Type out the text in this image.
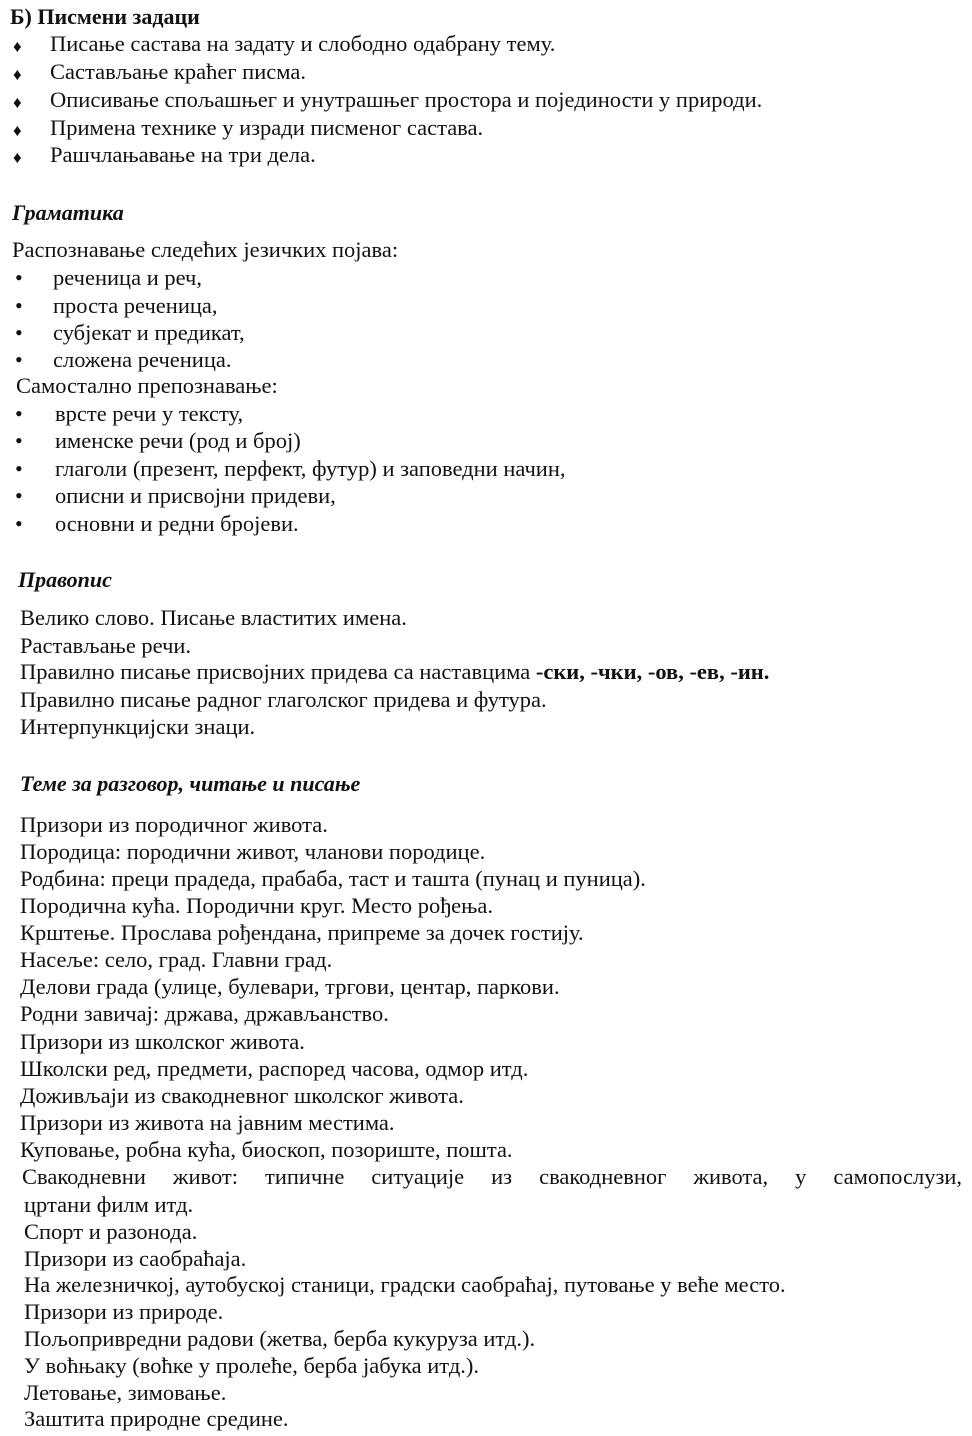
Б) Писмени задаци
♦ Писање састава на задату и слободно одабрану тему.
♦ Састављање краћег писма.
♦ Описивање спољашњег и унутрашњег простора и појединости у природи.
♦ Примена технике у изради писменог састава.
♦ Рашчлањавање на три дела.
Граматика
Распознавање следећих језичких појава:
• реченица и реч,
• проста реченица,
• субјекат и предикат,
• сложена реченица.
Самостално препознавање:
• врсте речи у тексту,
• именске речи (род и број)
• глаголи (презент, перфект, футур) и заповедни начин,
• описни и присвојни придеви,
• основни и редни бројеви.
Правопис
Велико слово. Писање властитих имена.
Растављање речи.
Правилно писање присвојних придева са наставцима -ски, -чки, -ов, -ев, -ин.
Правилно писање радног глаголског придева и футура.
Интерпункцијски знаци.
Теме за разговор, читање и писање
Призори из породичног живота.
Породица: породични живот, чланови породице.
Родбина: преци прадеда, прабаба, таст и ташта (пунац и пуница).
Породична кућа. Породични круг. Место рођења.
Крштење. Прослава рођендана, припреме за дочек гостију.
Насеље: село, град. Главни град.
Делови града (улице, булевари, тргови, центар, паркови.
Родни завичај: држава, држављанство.
Призори из школског живота.
Школски ред, предмети, распоред часова, одмор итд.
Доживљаји из свакодневног школског живота.
Призори из живота на јавним местима.
Куповање, робна кућа, биоскоп, позориште, пошта.
Свакодневни живот: типичне ситуације из свакодневног живота, у самопослузи,
цртани филм итд.
Спорт и разонода.
Призори из саобраћаја.
На железничкој, аутобуској станици, градски саобраћај, путовање у веће место.
Призори из природе.
Пољопривредни радови (жетва, берба кукуруза итд.).
У воћњаку (воћке у пролеће, берба јабука итд.).
Летовање, зимовање.
Заштита природне средине.
